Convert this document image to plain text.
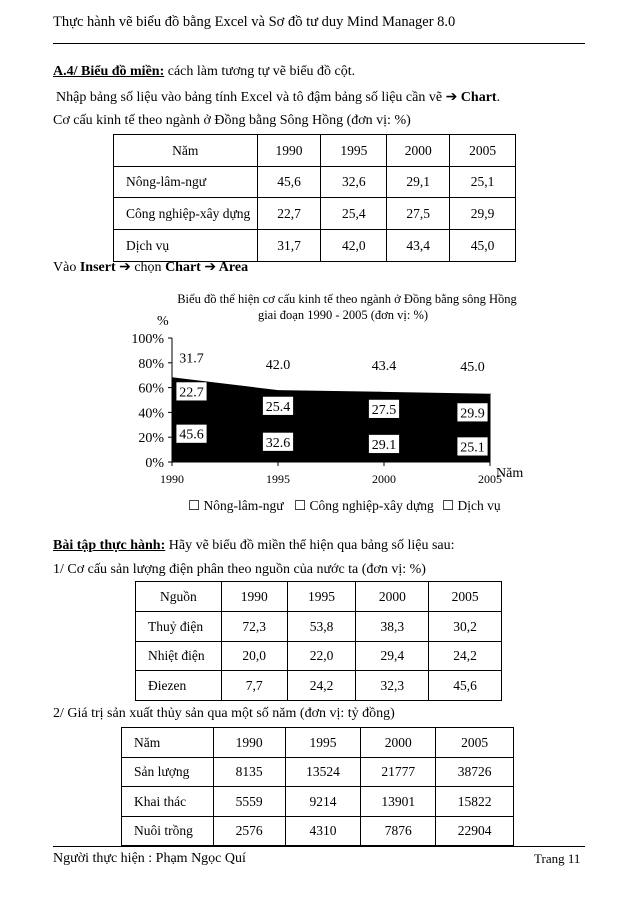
Thực hành vẽ biểu đồ bằng Excel và Sơ đồ tư duy Mind Manager 8.0
A.4/ Biểu đồ miền: cách làm tương tự vẽ biểu đồ cột.
Nhập bảng số liệu vào bảng tính Excel và tô đậm bảng số liệu cần vẽ ➔ Chart.
Cơ cấu kinh tế theo ngành ở Đồng bằng Sông Hồng (đơn vị: %)
Năm	1990	1995	2000	2005
Nông-lâm-ngư	45,6	32,6	29,1	25,1
Công nghiệp-xây dựng	22,7	25,4	27,5	29,9
Dịch vụ	31,7	42,0	43,4	45,0
Vào Insert ➔ chọn Chart ➔ Area
Biểu đồ thể hiện cơ cấu kinh tế theo ngành ở Đồng bằng sông Hồng
giai đoạn 1990 - 2005 (đơn vị: %)
%
0%
20%
40%
60%
80%
100%
1990	1995	2000	2005
45.6
32.6	29.1	25.1
22.7
25.4	27.5	29.9
31.7	42.0	43.4	45.0
Năm
☐ Nông-lâm-ngư ☐ Công nghiệp-xây dựng ☐ Dịch vụ
Bài tập thực hành: Hãy vẽ biểu đồ miền thể hiện qua bảng số liệu sau:
1/ Cơ cấu sản lượng điện phân theo nguồn của nước ta (đơn vị: %)
Nguồn	1990	1995	2000	2005
Thuỷ điện	72,3	53,8	38,3	30,2
Nhiệt điện	20,0	22,0	29,4	24,2
Điezen	7,7	24,2	32,3	45,6
2/ Giá trị sản xuất thủy sản qua một số năm (đơn vị: tỷ đồng)
Năm	1990	1995	2000	2005
Sản lượng	8135	13524	21777	38726
Khai thác	5559	9214	13901	15822
Nuôi trồng	2576	4310	7876	22904
Người thực hiện : Phạm Ngọc Quí	Trang 11
